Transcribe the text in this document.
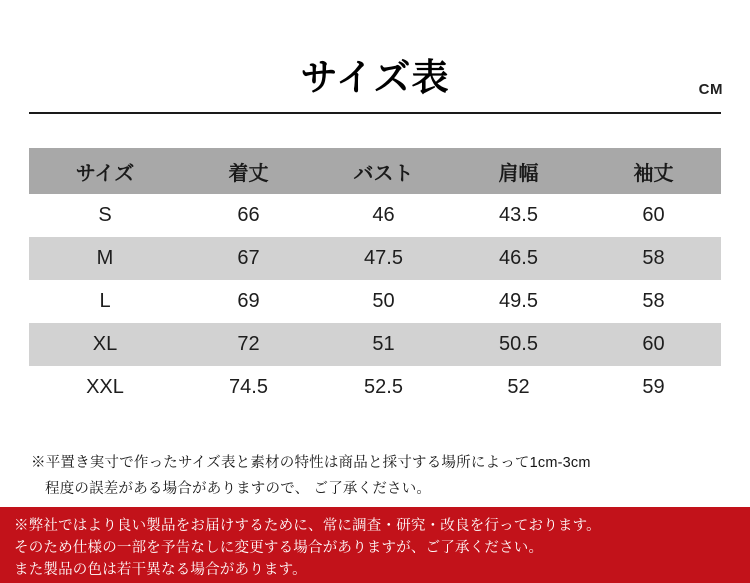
サイズ表	CM
サイズ	着丈	バスト	肩幅	袖丈
S	66	46	43.5	60
M	67	47.5	46.5	58
L	69	50	49.5	58
XL	72	51	50.5	60
XXL	74.5	52.5	52	59
※平置き実寸で作ったサイズ表と素材の特性は商品と採寸する場所によって1cm-3cm
程度の誤差がある場合がありますので、 ご了承ください。
※弊社ではより良い製品をお届けするために、常に調査・研究・改良を行っております。
そのため仕様の一部を予告なしに変更する場合がありますが、ご了承ください。
また製品の色は若干異なる場合があります。
